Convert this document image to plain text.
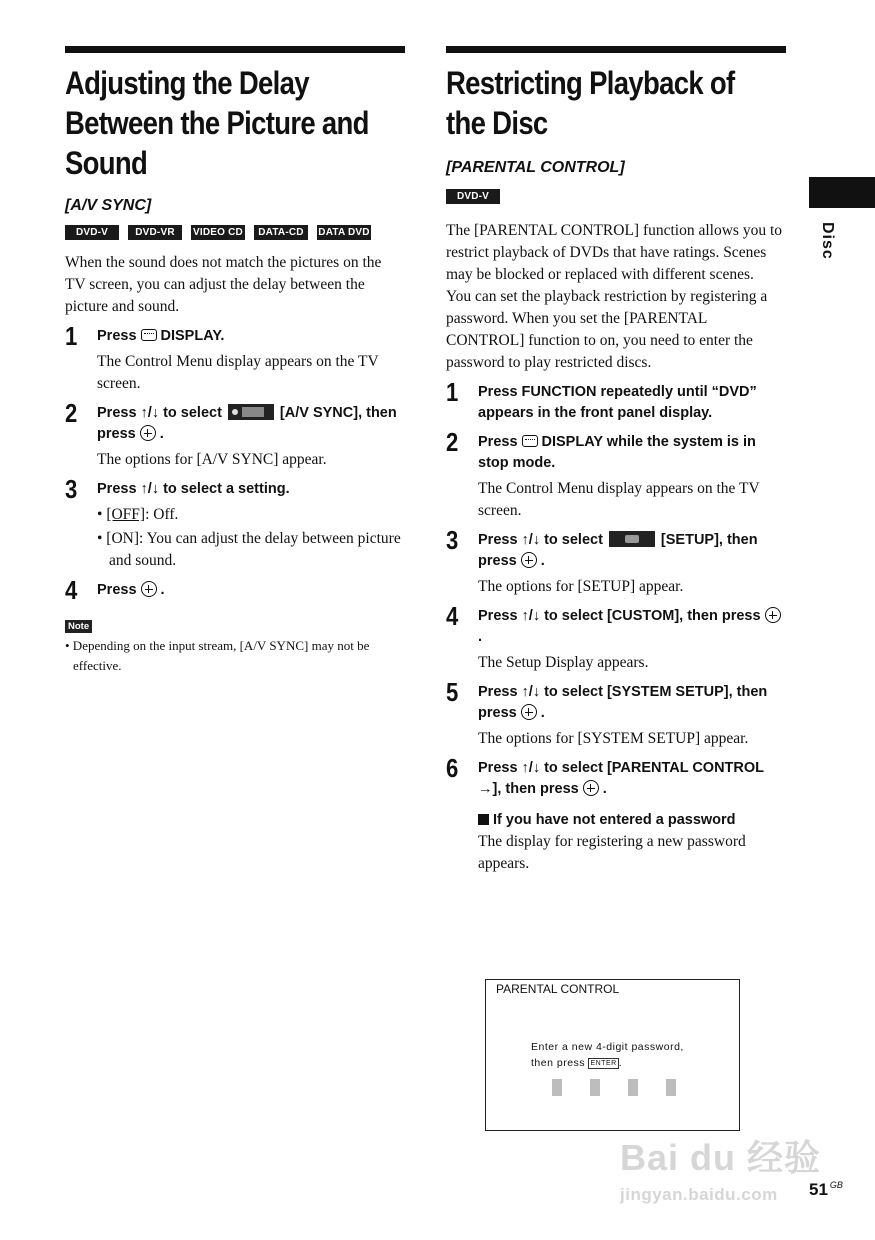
Disc
Adjusting the Delay Between the Picture and Sound
[A/V SYNC]
DVD-V	DVD-VR	VIDEO CD	DATA-CD	DATA DVD

When the sound does not match the pictures on the TV screen, you can adjust the delay between the picture and sound.

1	Press DISPLAY.
The Control Menu display appears on the TV screen.
2	Press ↑/↓ to select	[A/V SYNC], then press .
The options for [A/V SYNC] appear.
3	Press ↑/↓ to select a setting.
• [OFF]: Off.
• [ON]: You can adjust the delay between picture and sound.
4	Press .
Note
• Depending on the input stream, [A/V SYNC] may not be effective.
Restricting Playback of the Disc
[PARENTAL CONTROL]
DVD-V

The [PARENTAL CONTROL] function allows you to restrict playback of DVDs that have ratings. Scenes may be blocked or replaced with different scenes.

You can set the playback restriction by registering a password. When you set the [PARENTAL CONTROL] function to on, you need to enter the password to play restricted discs.

1	Press FUNCTION repeatedly until “DVD” appears in the front panel display.
2	Press DISPLAY while the system is in stop mode.
The Control Menu display appears on the TV screen.
3	Press ↑/↓ to select	[SETUP], then press .
The options for [SETUP] appear.
4	Press ↑/↓ to select [CUSTOM], then press.
The Setup Display appears.
5	Press ↑/↓ to select [SYSTEM SETUP], then press .
The options for [SYSTEM SETUP] appear.
6	Press ↑/↓ to select [PARENTAL CONTROL →], then press .
If you have not entered a password
The display for registering a new password appears.
PARENTAL CONTROL
Enter a new 4-digit password,
then press ENTER .
Bai du 经验
jingyan.baidu.com	51 $^{GB}$
